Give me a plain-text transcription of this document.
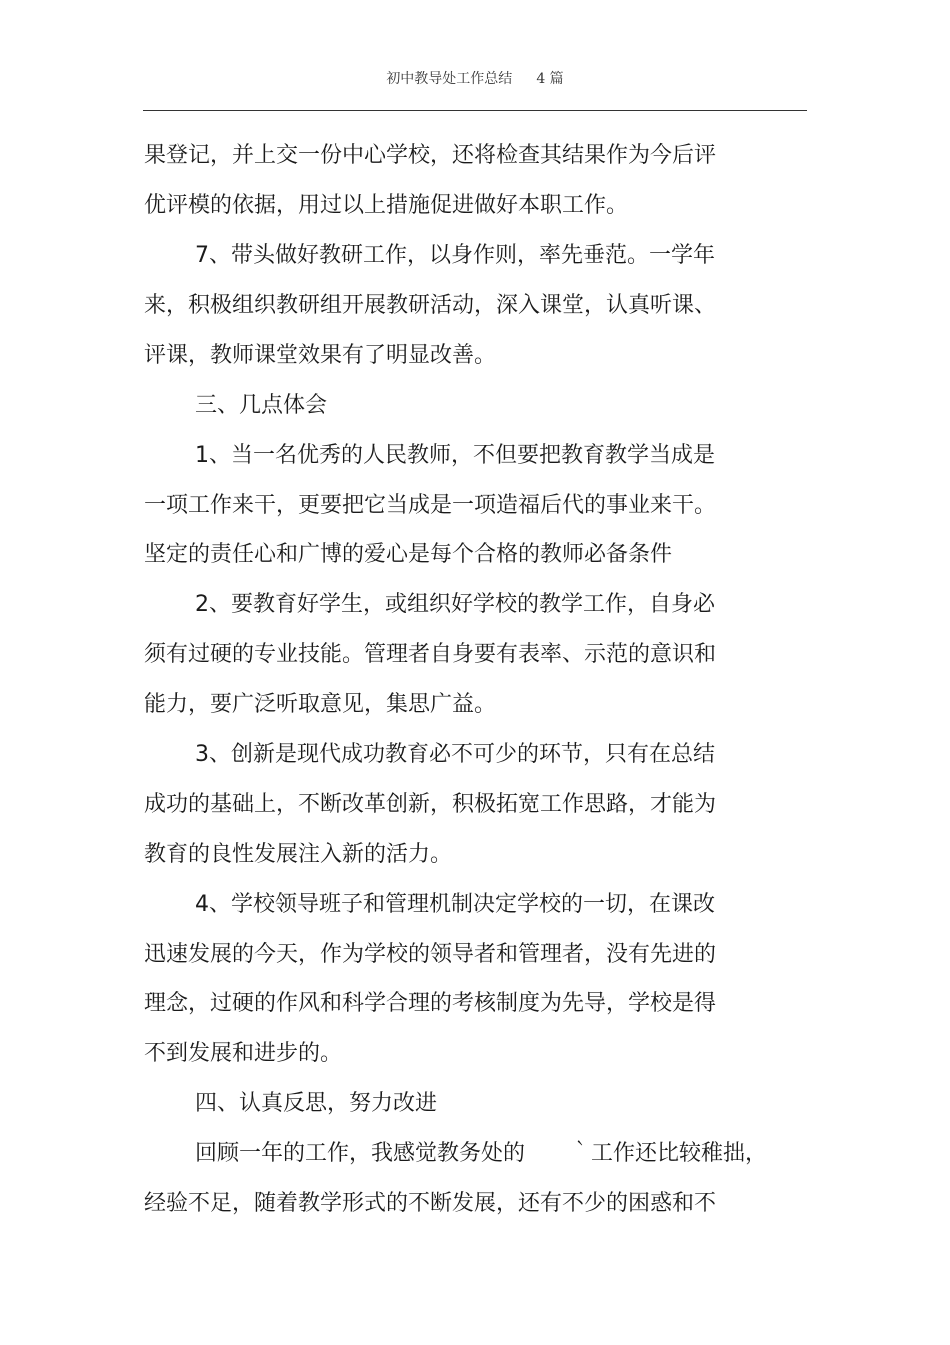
初中教导处工作总结 4 篇
果登记，并上交一份中心学校，还将检查其结果作为今后评
优评模的依据，用过以上措施促进做好本职工作。
7、带头做好教研工作，以身作则，率先垂范。一学年
来，积极组织教研组开展教研活动，深入课堂，认真听课、
评课，教师课堂效果有了明显改善。
三、几点体会
1、当一名优秀的人民教师，不但要把教育教学当成是
一项工作来干，更要把它当成是一项造福后代的事业来干。
坚定的责任心和广博的爱心是每个合格的教师必备条件
2、要教育好学生，或组织好学校的教学工作，自身必
须有过硬的专业技能。管理者自身要有表率、示范的意识和
能力，要广泛听取意见，集思广益。
3、创新是现代成功教育必不可少的环节，只有在总结
成功的基础上，不断改革创新，积极拓宽工作思路，才能为
教育的良性发展注入新的活力。
4、学校领导班子和管理机制决定学校的一切，在课改
迅速发展的今天，作为学校的领导者和管理者，没有先进的
理念，过硬的作风和科学合理的考核制度为先导，学校是得
不到发展和进步的。
四、认真反思，努力改进
回顾一年的工作，我感觉教务处的　　｀工作还比较稚拙，
经验不足，随着教学形式的不断发展，还有不少的困惑和不
